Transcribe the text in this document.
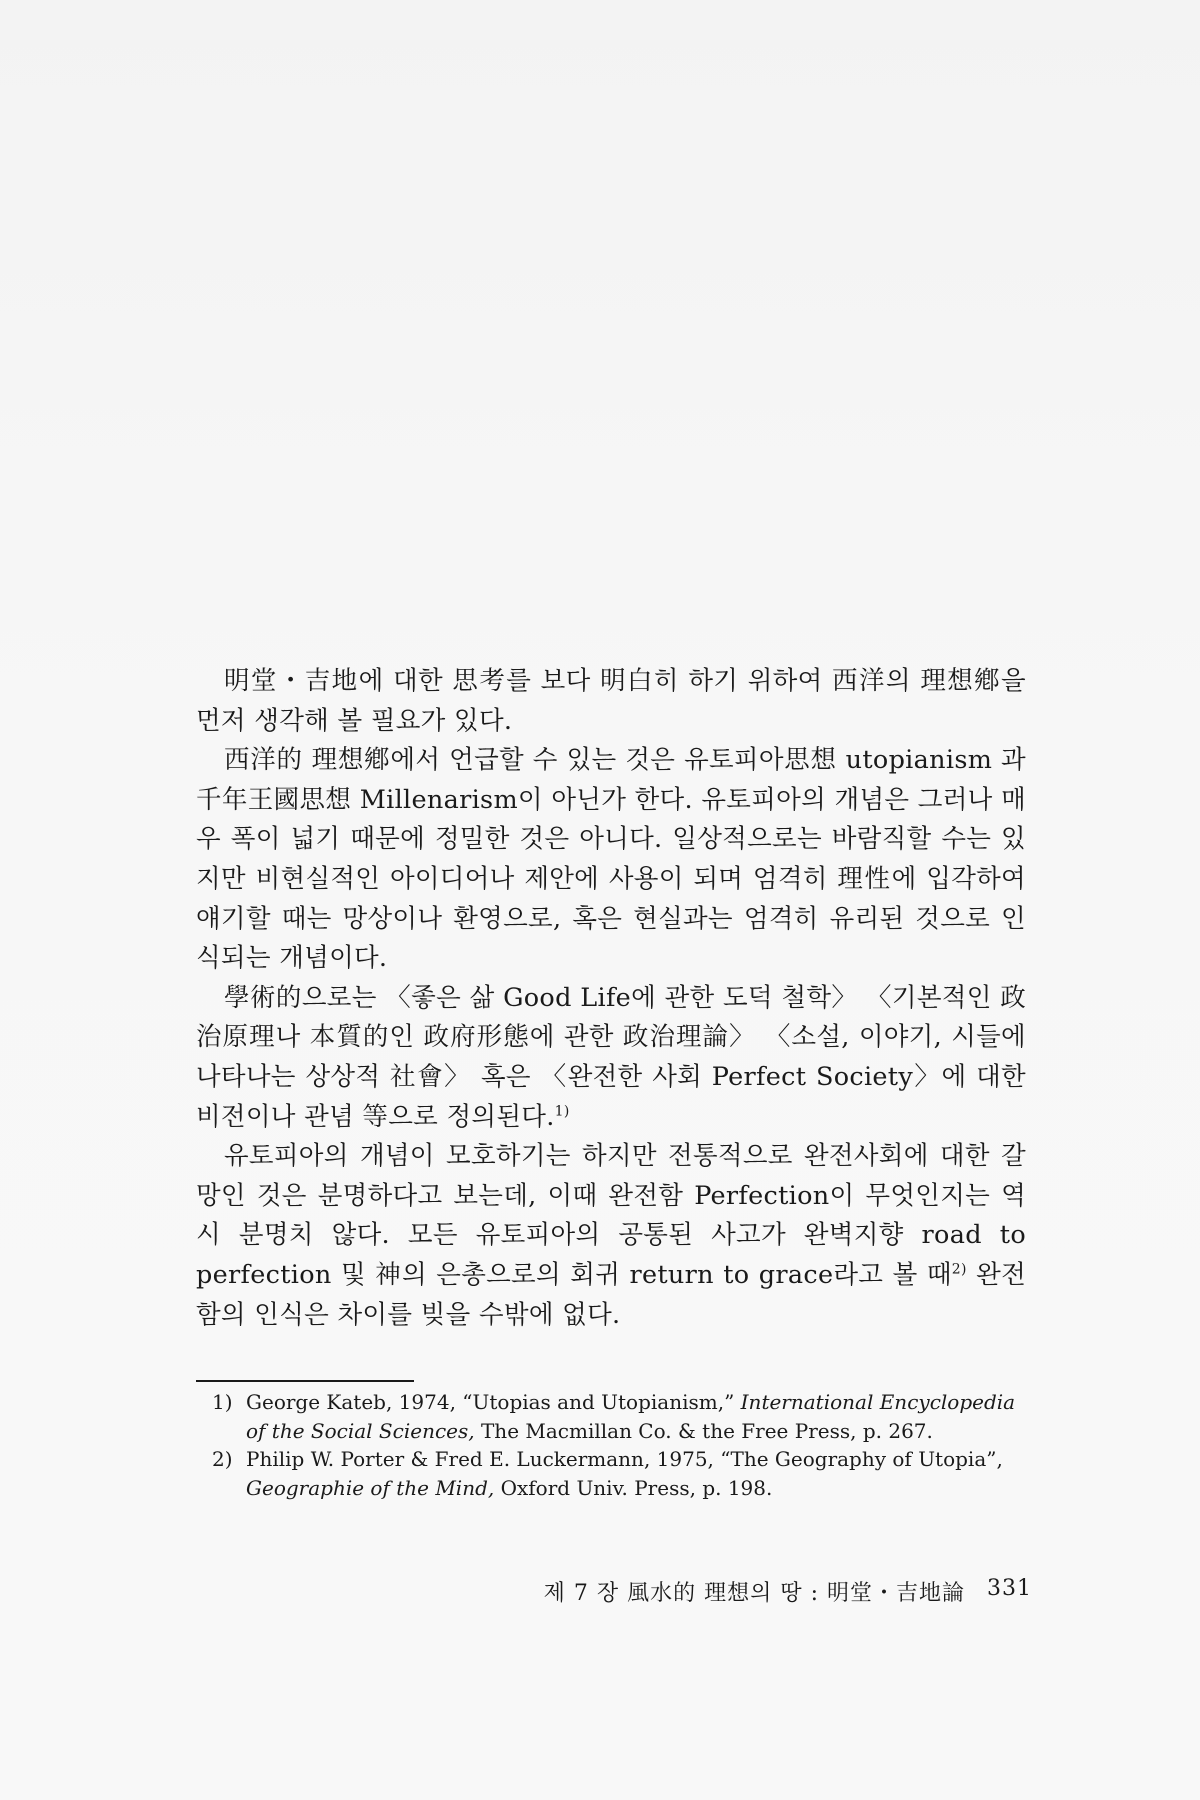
明堂・吉地에 대한 思考를 보다 明白히 하기 위하여 西洋의 理想鄕을 먼저 생각해 볼 필요가 있다.

西洋的 理想鄕에서 언급할 수 있는 것은 유토피아思想 utopianism 과 千年王國思想 Millenarism이 아닌가 한다. 유토피아의 개념은 그러나 매우 폭이 넓기 때문에 정밀한 것은 아니다. 일상적으로는 바람직할 수는 있지만 비현실적인 아이디어나 제안에 사용이 되며 엄격히 理性에 입각하여 얘기할 때는 망상이나 환영으로, 혹은 현실과는 엄격히 유리된 것으로 인식되는 개념이다.

學術的으로는 〈좋은 삶 Good Life에 관한 도덕 철학〉 〈기본적인 政治原理나 本質的인 政府形態에 관한 政治理論〉 〈소설, 이야기, 시들에 나타나는 상상적 社會〉 혹은 〈완전한 사회 Perfect Society〉에 대한 비전이나 관념 等으로 정의된다.$^{1)}$

유토피아의 개념이 모호하기는 하지만 전통적으로 완전사회에 대한 갈망인 것은 분명하다고 보는데, 이때 완전함 Perfection이 무엇인지는 역시 분명치 않다. 모든 유토피아의 공통된 사고가 완벽지향 road to perfection 및 神의 은총으로의 회귀 return to grace라고 볼 때$^{2)}$ 완전함의 인식은 차이를 빚을 수밖에 없다.

1) George Kateb, 1974, “Utopias and Utopianism,” International Encyclopedia of the Social Sciences, The Macmillan Co. & the Free Press, p. 267.

2) Philip W. Porter & Fred E. Luckermann, 1975, “The Geography of Utopia”, Geographie of the Mind, Oxford Univ. Press, p. 198.

제 7 장 風水的 理想의 땅 : 明堂・吉地論 331
